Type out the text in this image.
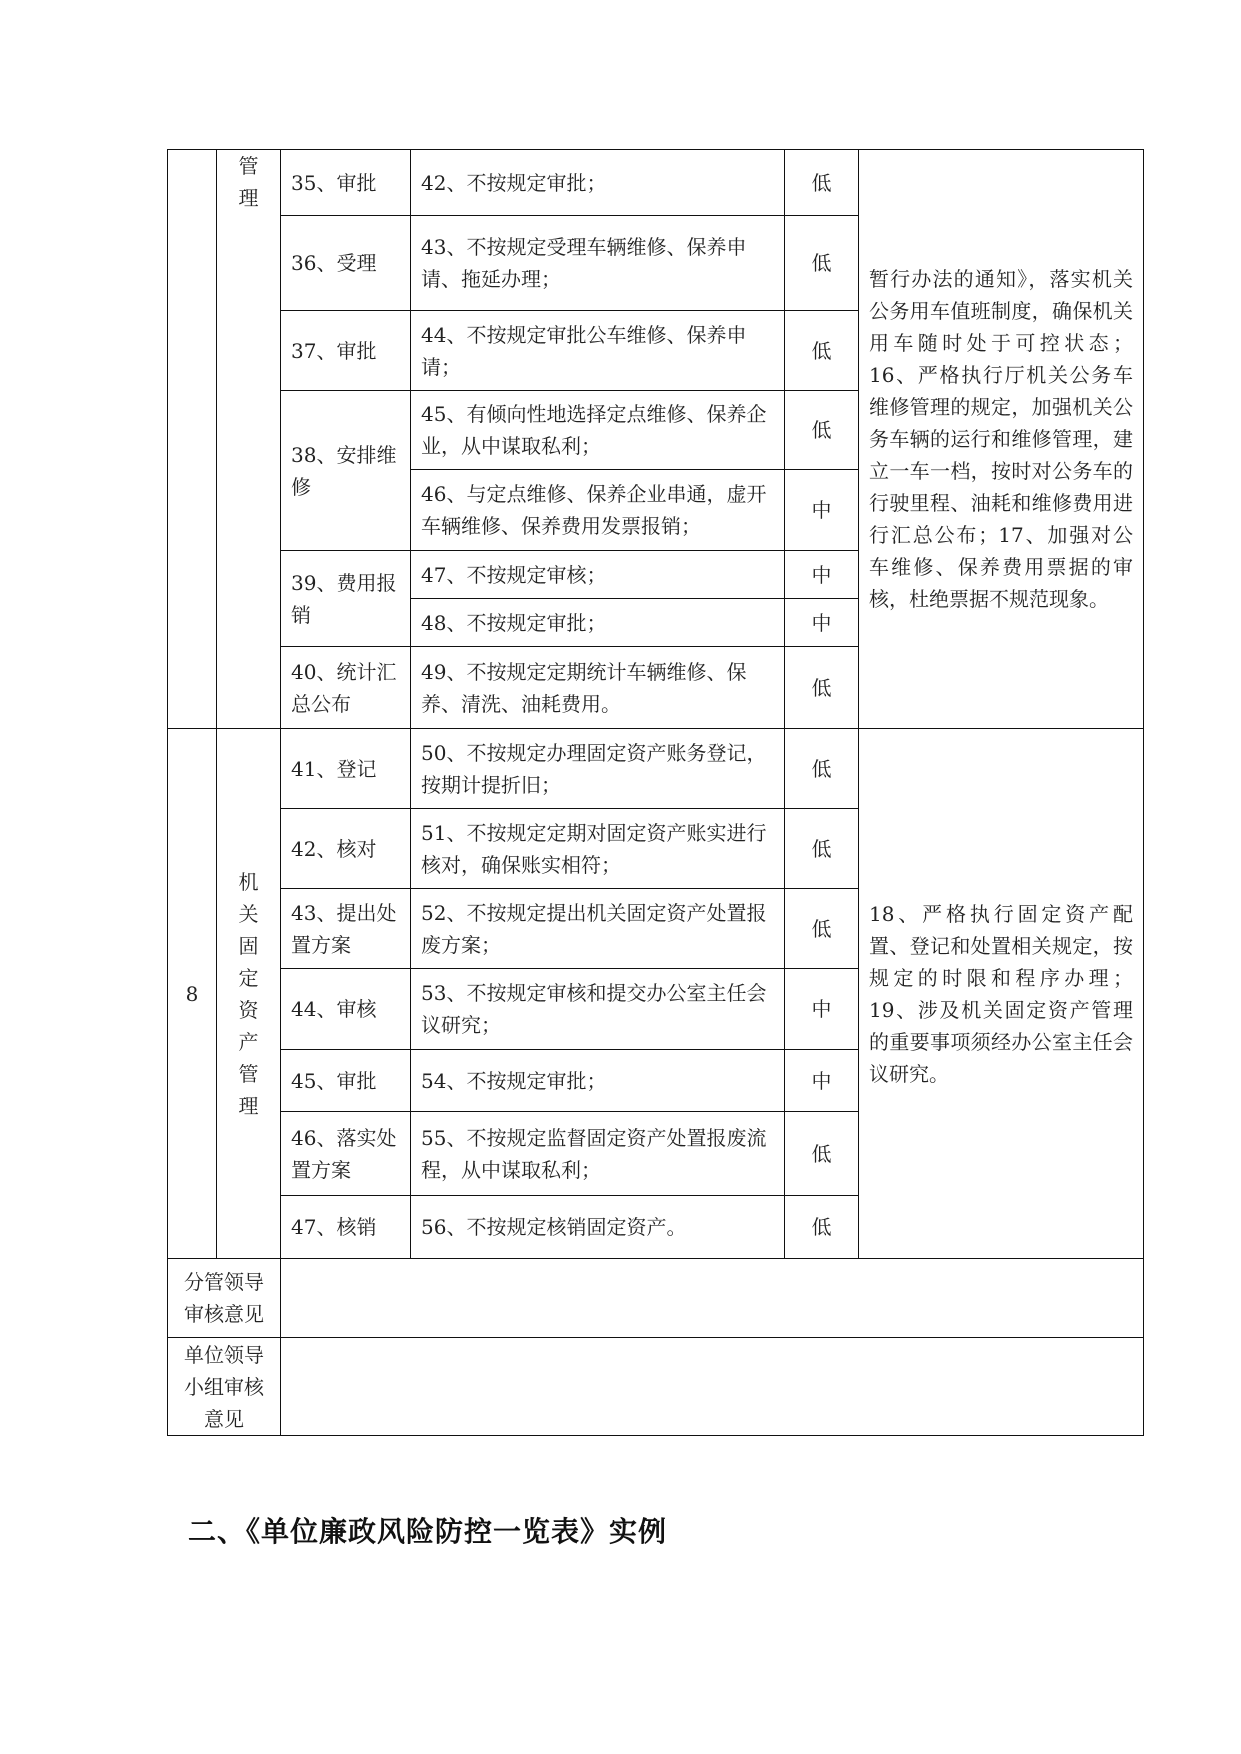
	管理	35、审批	42、不按规定审批；	低	暂行办法的通知》，落实机关公务用车值班制度，确保机关用车随时处于可控状态；16、严格执行厅机关公务车维修管理的规定，加强机关公务车辆的运行和维修管理，建立一车一档，按时对公务车的行驶里程、油耗和维修费用进行汇总公布；17、加强对公车维修、保养费用票据的审核，杜绝票据不规范现象。
		36、受理	43、不按规定受理车辆维修、保养申请、拖延办理；	低	
		37、审批	44、不按规定审批公车维修、保养申请；	低	
		38、安排维修	45、有倾向性地选择定点维修、保养企业，从中谋取私利；	低	
			46、与定点维修、保养企业串通，虚开车辆维修、保养费用发票报销；	中	
		39、费用报销	47、不按规定审核；	中	
			48、不按规定审批；	中	
		40、统计汇总公布	49、不按规定定期统计车辆维修、保养、清洗、油耗费用。	低	
8	机关固定资产管理	41、登记	50、不按规定办理固定资产账务登记，按期计提折旧；	低	18、严格执行固定资产配置、登记和处置相关规定，按规定的时限和程序办理；19、涉及机关固定资产管理的重要事项须经办公室主任会议研究。
		42、核对	51、不按规定定期对固定资产账实进行核对，确保账实相符；	低	
		43、提出处置方案	52、不按规定提出机关固定资产处置报废方案；	低	
		44、审核	53、不按规定审核和提交办公室主任会议研究；	中	
		45、审批	54、不按规定审批；	中	
		46、落实处置方案	55、不按规定监督固定资产处置报废流程，从中谋取私利；	低	
		47、核销	56、不按规定核销固定资产。	低	
分管领导审核意见					
单位领导小组审核意见					
二、《单位廉政风险防控一览表》实例
